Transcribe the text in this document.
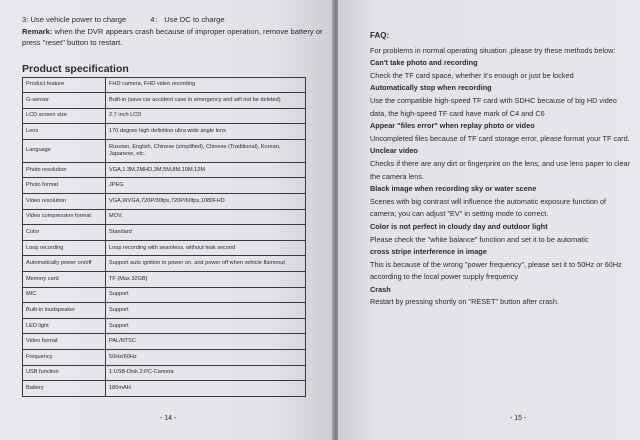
3: Use vehicle power to charge	4： Use DC to charge
Remark: when the DVR appears crash because of improper operation, remove battery or press "reset" button to restart.
Product specification
Product feature	FHD camera, FHD video recording
G-sensor	Built-in (save car accident case in emergency and will not be deleted)
LCD screen size	2.7 inch LCD
Lens	170 degree high definition ultra wide angle lens
Language	Russian, English, Chinese (simplified), Chinese (Traditional), Korean, Japanese, etc.
Photo resolution	VGA,1.3M,2MHD,3M,5M,8M,10M,12M
Photo format	JPEG
Video resolution	VGA,WVGA,720P/30fps,720P/60fps,1080FHD
Video compression format	MOV.
Color	Standard
Loop recording	Loop recording with seamless, without leak second
Automatically power on/off	Support auto ignition to power on, and power off when vehicle flameout
Memory card	TF (Max 32GB)
MIC	Support
Built-in loudspeaker	Support
LED light	Support
Video format	PAL/NTSC
Frequency	50Hz/60Hz
USB function	1:USB-Disk 2:PC-Camera
Battery	180mAH
- 14 -
FAQ:
For problems in normal operating situation ,please try these methods below:
Can't take photo and recording
Check the TF card space, whether it's enough or just be locked
Automatically stop when recording
Use the compatible high-speed TF card with SDHC because of big HD video data, the high-speed TF card have mark of C4 and C6
Appear "files error" when replay photo or video
Uncompleted files because of TF card storage error, please format your TF card.
Unclear video
Checks if there are any dirt or fingerprint on the lens; and use lens paper to clear the camera lens.
Black image when recording sky or water scene
Scenes with big contrast will influence the automatic exposure function of camera; you can adjust "EV" in setting mode to correct.
Color is not perfect in cloudy day and outdoor light
Please check the "white balance" function and set it to be automatic
cross stripe interference in image
This is because of the wrong "power frequency", please set it to 50Hz or 60Hz according to the local power supply frequency
Crash
Restart by pressing shortly on "RESET" button after crash.
- 15 -
